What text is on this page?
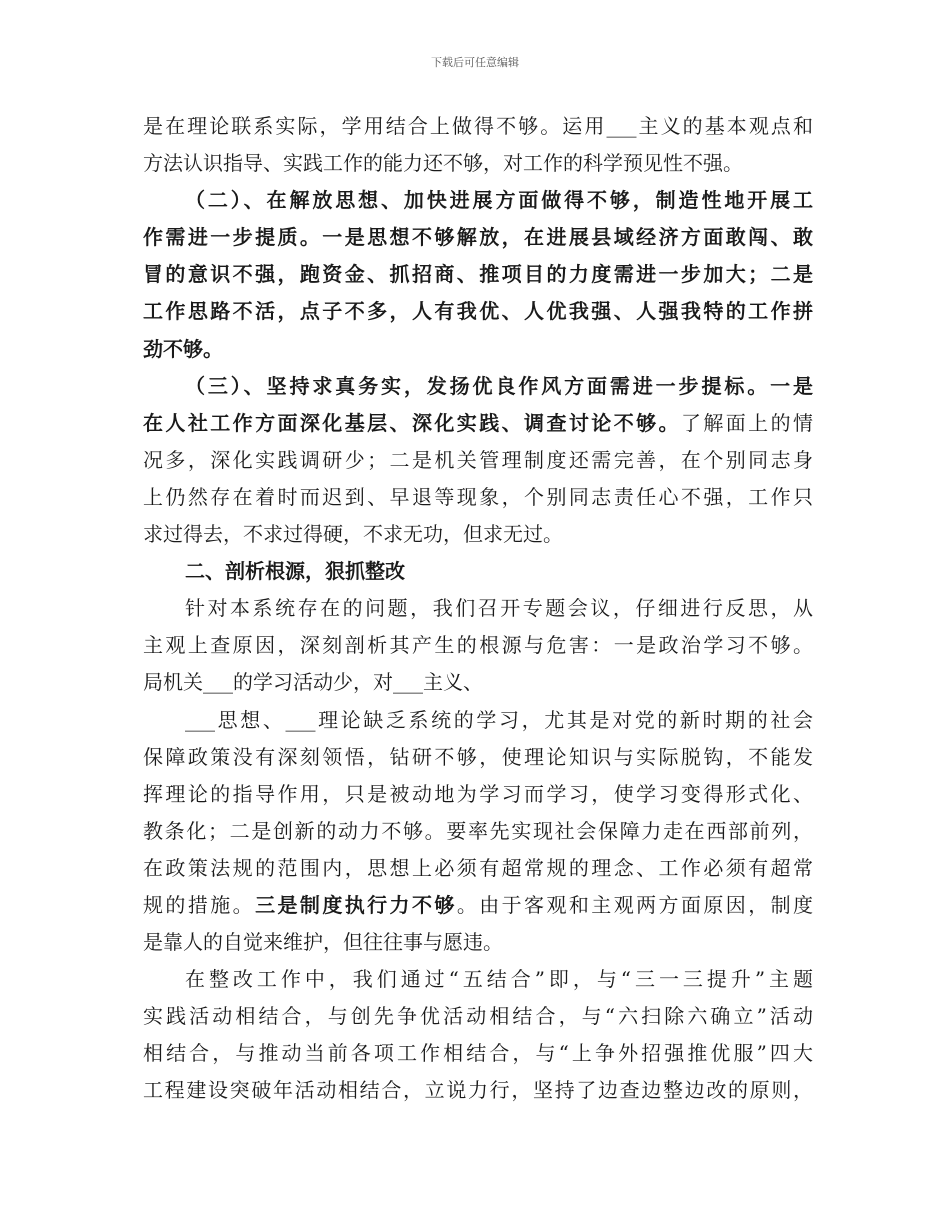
下载后可任意编辑
是在理论联系实际，学用结合上做得不够。运用___主义的基本观点和
方法认识指导、实践工作的能力还不够，对工作的科学预见性不强。
（二）、在解放思想、加快进展方面做得不够，制造性地开展工
作需进一步提质。一是思想不够解放，在进展县域经济方面敢闯、敢
冒的意识不强，跑资金、抓招商、推项目的力度需进一步加大；二是
工作思路不活，点子不多，人有我优、人优我强、人强我特的工作拼
劲不够。
（三）、坚持求真务实，发扬优良作风方面需进一步提标。一是
在人社工作方面深化基层、深化实践、调查讨论不够。了解面上的情
况多，深化实践调研少；二是机关管理制度还需完善，在个别同志身
上仍然存在着时而迟到、早退等现象，个别同志责任心不强，工作只
求过得去，不求过得硬，不求无功，但求无过。
二、剖析根源，狠抓整改
针对本系统存在的问题，我们召开专题会议，仔细进行反思，从
主观上查原因，深刻剖析其产生的根源与危害：一是政治学习不够。
局机关___的学习活动少，对___主义、
___思想、___理论缺乏系统的学习，尤其是对党的新时期的社会
保障政策没有深刻领悟，钻研不够，使理论知识与实际脱钩，不能发
挥理论的指导作用，只是被动地为学习而学习，使学习变得形式化、
教条化；二是创新的动力不够。要率先实现社会保障力走在西部前列，
在政策法规的范围内，思想上必须有超常规的理念、工作必须有超常
规的措施。三是制度执行力不够。由于客观和主观两方面原因，制度
是靠人的自觉来维护，但往往事与愿违。
在整改工作中，我们通过“五结合”即，与“三一三提升”主题
实践活动相结合，与创先争优活动相结合，与“六扫除六确立”活动
相结合，与推动当前各项工作相结合，与“上争外招强推优服”四大
工程建设突破年活动相结合，立说力行，坚持了边查边整边改的原则，
